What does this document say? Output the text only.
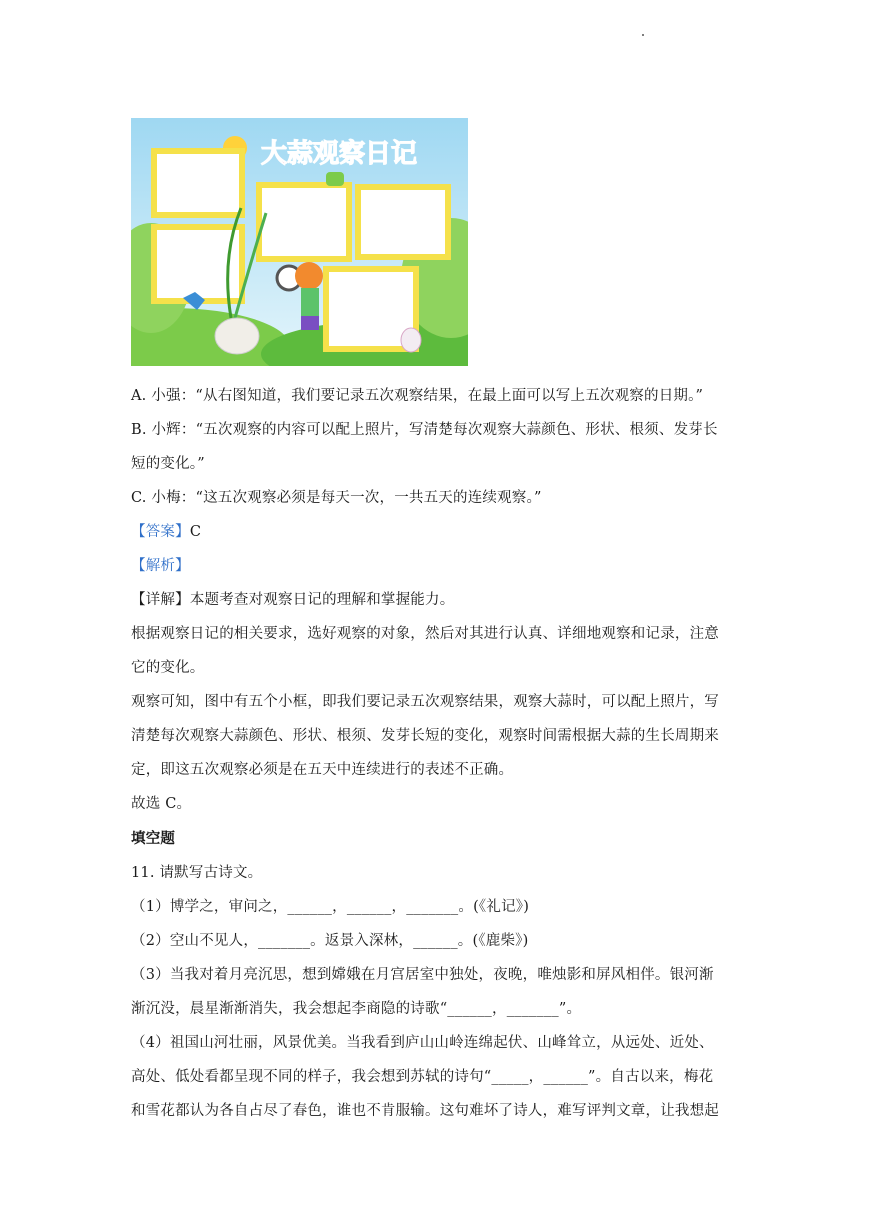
大蒜观察日记
A. 小强：“从右图知道，我们要记录五次观察结果，在最上面可以写上五次观察的日期。”
B. 小辉：“五次观察的内容可以配上照片，写清楚每次观察大蒜颜色、形状、根须、发芽长
短的变化。”
C. 小梅：“这五次观察必须是每天一次，一共五天的连续观察。”
【答案】C
【解析】
【详解】本题考查对观察日记的理解和掌握能力。
根据观察日记的相关要求，选好观察的对象，然后对其进行认真、详细地观察和记录，注意
它的变化。
观察可知，图中有五个小框，即我们要记录五次观察结果，观察大蒜时，可以配上照片，写
清楚每次观察大蒜颜色、形状、根须、发芽长短的变化，观察时间需根据大蒜的生长周期来
定，即这五次观察必须是在五天中连续进行的表述不正确。
故选 C。
填空题
11. 请默写古诗文。
（1）博学之，审问之，______，______，_______。(《礼记》)
（2）空山不见人，_______。返景入深林，______。(《鹿柴》)
（3）当我对着月亮沉思，想到嫦娥在月宫居室中独处，夜晚，唯烛影和屏风相伴。银河渐
渐沉没，晨星渐渐消失，我会想起李商隐的诗歌“______，_______”。
（4）祖国山河壮丽，风景优美。当我看到庐山山岭连绵起伏、山峰耸立，从远处、近处、
高处、低处看都呈现不同的样子，我会想到苏轼的诗句“_____，______”。自古以来，梅花
和雪花都认为各自占尽了春色，谁也不肯服输。这句难坏了诗人，难写评判文章，让我想起
